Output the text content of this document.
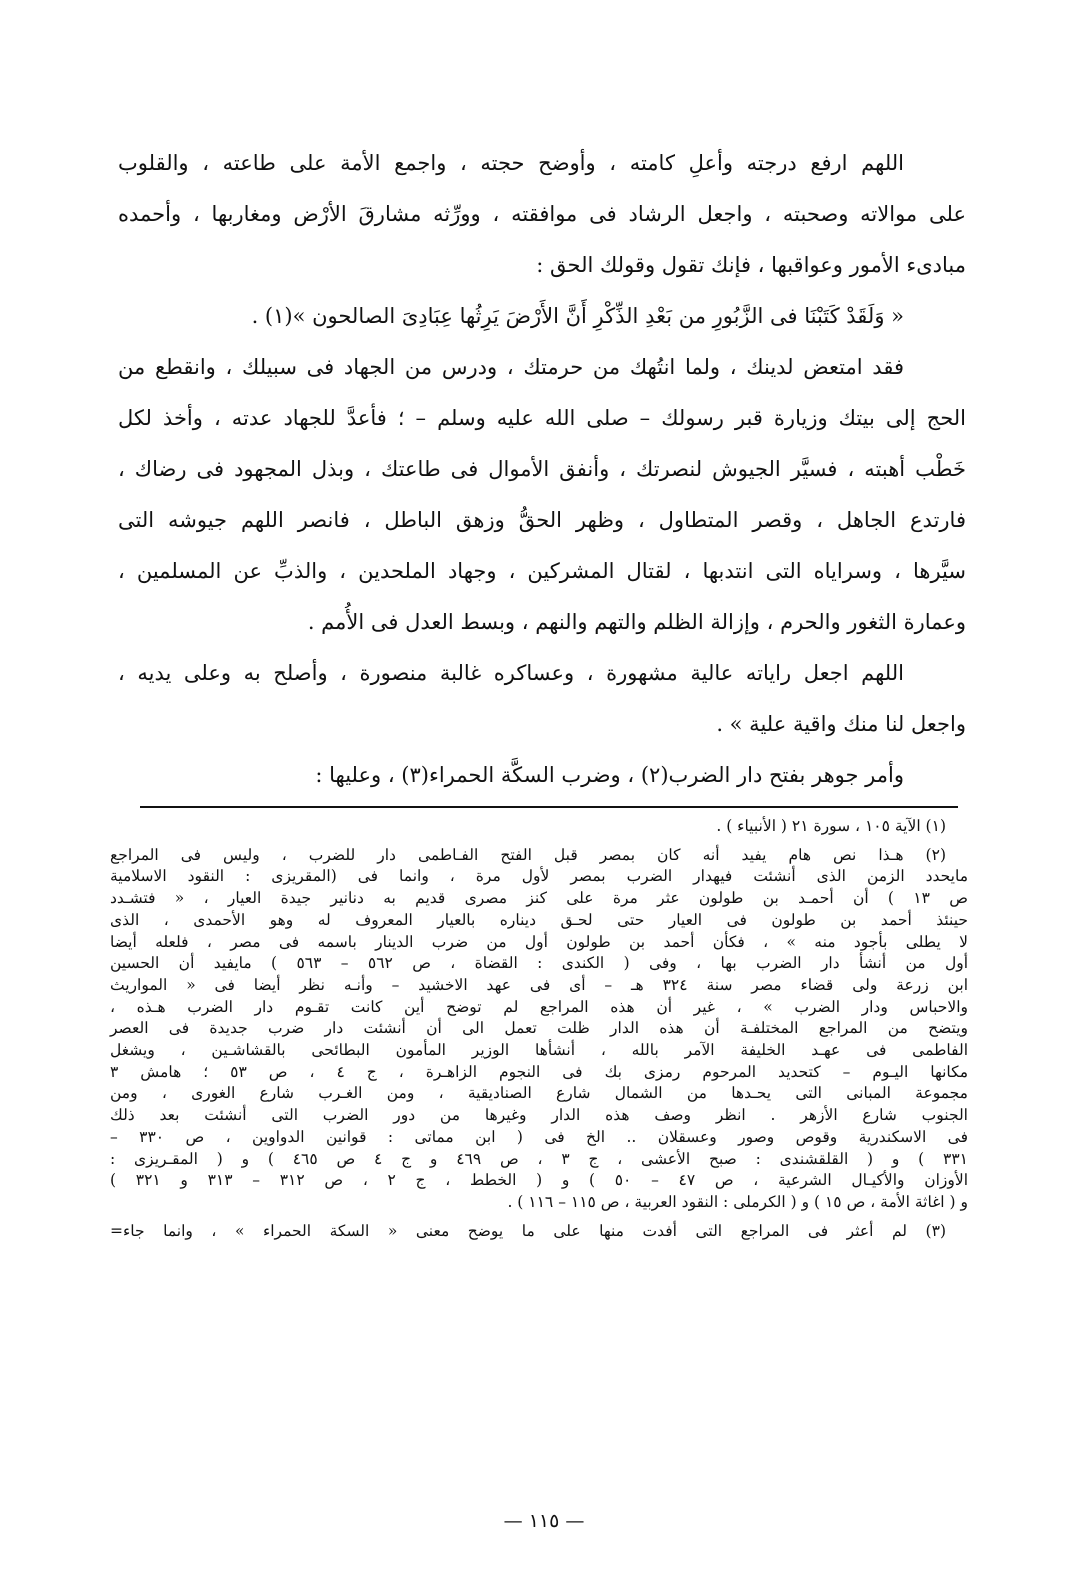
اللهم ارفع درجته وأعلِ كامته ، وأوضح حجته ، واجمع الأمة على طاعته ، والقلوب

على موالاته وصحبته ، واجعل الرشاد فى موافقته ، وورِّثه مشارقَ الأرْض ومغاربها ، وأحمده

مبادىء الأمور وعواقبها ، فإنك تقول وقولك الحق :

« وَلَقَدْ كَتَبْنَا فى الزَّبُورِ من بَعْدِ الذِّكْرِ أَنَّ الأَرْضَ يَرِثُها عِبَادِىَ الصالحون »(١) .

فقد امتعض لدينك ، ولما انتُهك من حرمتك ، ودرس من الجهاد فى سبيلك ، وانقطع من

الحج إلى بيتك وزيارة قبر رسولك – صلى الله عليه وسلم – ؛ فأعدَّ للجهاد عدته ، وأخذ لكل

خَطْب أهبته ، فسيَّر الجيوش لنصرتك ، وأنفق الأموال فى طاعتك ، وبذل المجهود فى رضاك ،

فارتدع الجاهل ، وقصر المتطاول ، وظهر الحقُّ وزهق الباطل ، فانصر اللهم جيوشه التى

سيَّرها ، وسراياه التى انتدبها ، لقتال المشركين ، وجهاد الملحدين ، والذبِّ عن المسلمين ،

وعمارة الثغور والحرم ، وإزالة الظلم والتهم والنهم ، وبسط العدل فى الأُمم .

اللهم اجعل راياته عالية مشهورة ، وعساكره غالبة منصورة ، وأصلح به وعلى يديه ،

واجعل لنا منك واقية علية » .

وأمر جوهر بفتح دار الضرب(٢) ، وضرب السكَّة الحمراء(٣) ، وعليها :

(١) الآية ١٠٥ ، سورة ٢١ ( الأنبياء ) .

(٢) هـذا نص هام يفيد أنه كان بمصر قبل الفتح الفـاطمى دار للضرب ، وليس فى المراجع

مايحدد الزمن الذى أنشئت فيهدار الضرب بمصر لأول مرة ، وانما فى (المقريزى : النقود الاسلامية

ص ١٣ ) أن أحمـد بن طولون عثر مرة على كنز مصرى قديم به دنانير جيدة العيار ، « فتشـدد

حينئذ أحمد بن طولون فى العيار حتى لحـق ديناره بالعيار المعروف له وهو الأحمدى ، الذى

لا يطلى بأجود منه » ، فكأن أحمد بن طولون أول من ضرب الدينار باسمه فى مصر ، فلعله أيضا

أول من أنشأ دار الضرب بها ، وفى ( الكندى : القضاة ، ص ٥٦٢ – ٥٦٣ ) مايفيد أن الحسين

ابن زرعة ولى قضاء مصر سنة ٣٢٤ هـ – أى فى عهد الاخشيد – وأنـه نظر أيضا فى « المواريث

والاحباس ودار الضرب » ، غير أن هذه المراجع لم توضح أين كانت تقـوم دار الضرب هـذه ،

ويتضح من المراجع المختلفـة أن هذه الدار ظلت تعمل الى أن أنشئت دار ضرب جديدة فى العصر

الفاطمى فى عهـد الخليفة الآمر بالله ، أنشأها الوزير المأمون البطائحى بالقشاشـين ، ويشغل

مكانها اليـوم – كتحديد المرحوم رمزى بك فى النجوم الزاهـرة ، ج ٤ ، ص ٥٣ ؛ هامش ٣

مجموعة المبانى التى يحـدها من الشمال شارع الصناديقية ، ومن الغـرب شارع الغورى ، ومن

الجنوب شارع الأزهر . انظر وصف هذه الدار وغيرها من دور الضرب التى أنشئت بعد ذلك

فى الاسكندرية وقوص وصور وعسقلان .. الخ فى ( ابن مماتى : قوانين الدواوين ، ص ٣٣٠ –

٣٣١ ) و ( القلقشندى : صبح الأعشى ، ج ٣ ، ص ٤٦٩ و ج ٤ ص ٤٦٥ ) و ( المقـريزى :

الأوزان والأكيـال الشرعية ، ص ٤٧ – ٥٠ ) و ( الخطط ، ج ٢ ، ص ٣١٢ – ٣١٣ و ٣٢١ )

و ( اغاثة الأمة ، ص ١٥ ) و ( الكرملى : النقود العربية ، ص ١١٥ – ١١٦ ) .

(٣) لم أعثر فى المراجع التى أفدت منها على ما يوضح معنى « السكة الحمراء » ، وانما جاء=

— ١١٥ —
